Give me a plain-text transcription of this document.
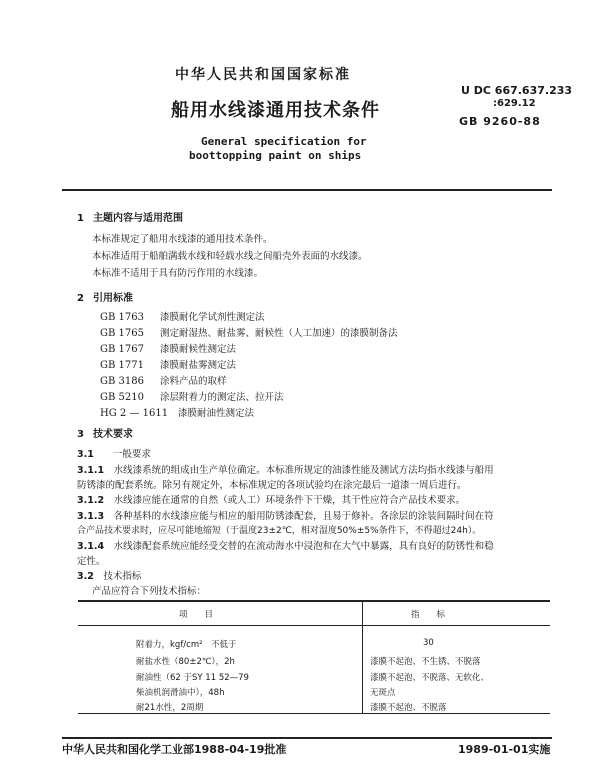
中华人民共和国国家标准
U DC 667.637.233
:629.12
GB 9260-88
船用水线漆通用技术条件
General specification for
boottopping paint on ships
1 主题内容与适用范围
本标准规定了船用水线漆的通用技术条件。
本标准适用于船舶满载水线和轻载水线之间船壳外表面的水线漆。
本标准不适用于具有防污作用的水线漆。
2 引用标准
GB 1763 漆膜耐化学试剂性测定法
GB 1765 测定耐湿热、耐盐雾、耐候性（人工加速）的漆膜制备法
GB 1767 漆膜耐候性测定法
GB 1771 漆膜耐盐雾测定法
GB 3186 涂料产品的取样
GB 5210 涂层附着力的测定法、拉开法
HG 2 — 1611 漆膜耐油性测定法
3 技术要求
3.1　　 一般要求
3.1.1　 水线漆系统的组成由生产单位确定。本标准所规定的油漆性能及测试方法均指水线漆与船用
防锈漆的配套系统。除另有规定外，本标准规定的各项试验均在涂完最后一道漆一周后进行。
3.1.2　 水线漆应能在通常的自然（或人工）环境条件下干燥，其干性应符合产品技术要求。
3.1.3　 各种基料的水线漆应能与相应的船用防锈漆配套，且易于修补。各涂层的涂装间隔时间在符
合产品技术要求时，应尽可能地缩短（于温度23±2℃，相对湿度50%±5%条件下，不得超过24h）。
3.1.4　 水线漆配套系统应能经受交替的在流动海水中浸泡和在大气中暴露，具有良好的防锈性和稳
定性。
3.2　 技术指标
产品应符合下列技术指标：
项　　目	指　　标
附着力，kgf/cm²　不低于	30
耐盐水性（80±2℃），2h	漆膜不起泡、不生锈、不脱落
耐油性（62 于SY 11 52—79	漆膜不起泡、不脱落、无软化、
柴油机润滑油中），48h	无斑点
耐21水性，2周期	漆膜不起泡、不脱落
中华人民共和国化学工业部1988-04-19批准	1989-01-01实施
